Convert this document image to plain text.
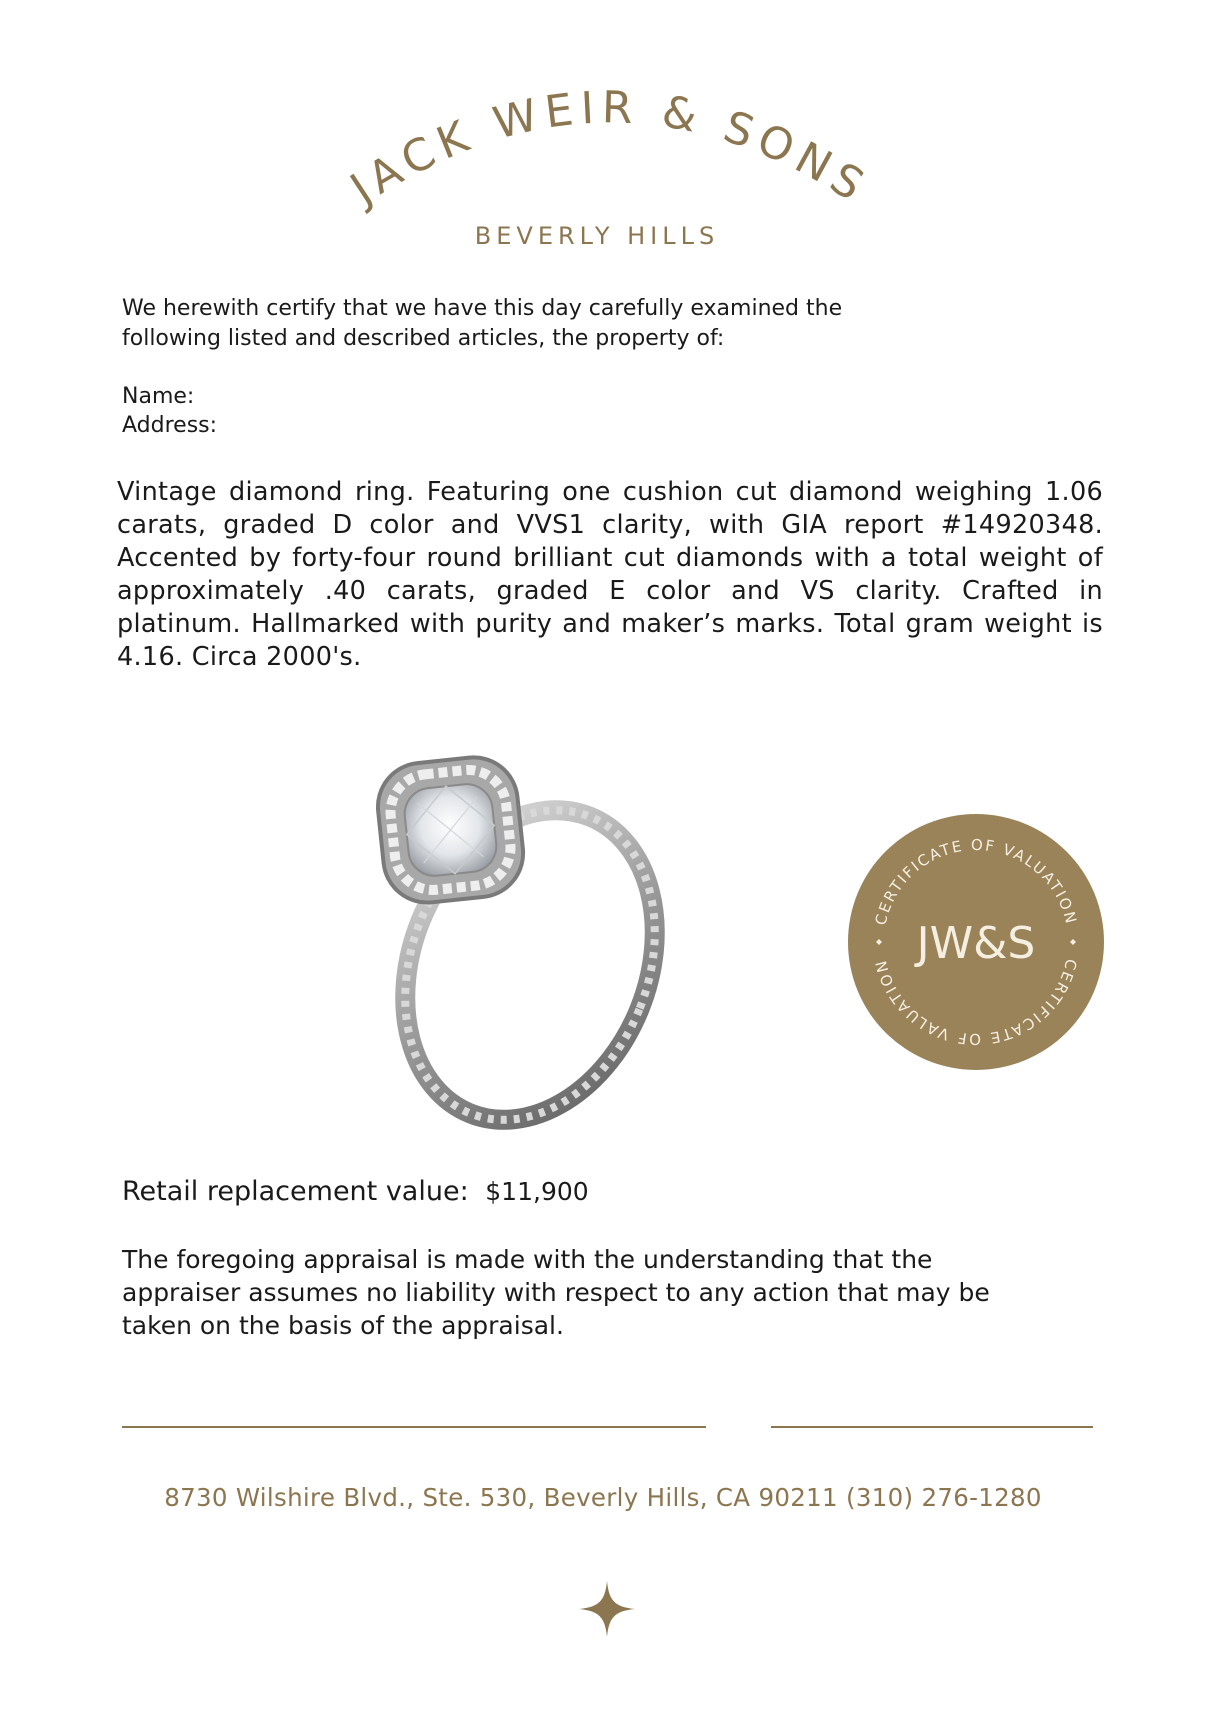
JACK WEIR & SONS
BEVERLY HILLS
We herewith certify that we have this day carefully examined the
following listed and described articles, the property of:
Name:
Address:
Vintage diamond ring. Featuring one cushion cut diamond weighing 1.06 carats, graded D color and VVS1 clarity, with GIA report #14920348. Accented by forty-four round brilliant cut diamonds with a total weight of approximately .40 carats, graded E color and VS clarity. Crafted in platinum. Hallmarked with purity and maker’s marks. Total gram weight is 4.16. Circa 2000's.
CERTIFICATE OF VALUATION
CERTIFICATE OF VALUATION JW&S
Retail replacement value: $11,900
The foregoing appraisal is made with the understanding that the
appraiser assumes no liability with respect to any action that may be
taken on the basis of the appraisal.
8730 Wilshire Blvd., Ste. 530, Beverly Hills, CA 90211 (310) 276-1280
